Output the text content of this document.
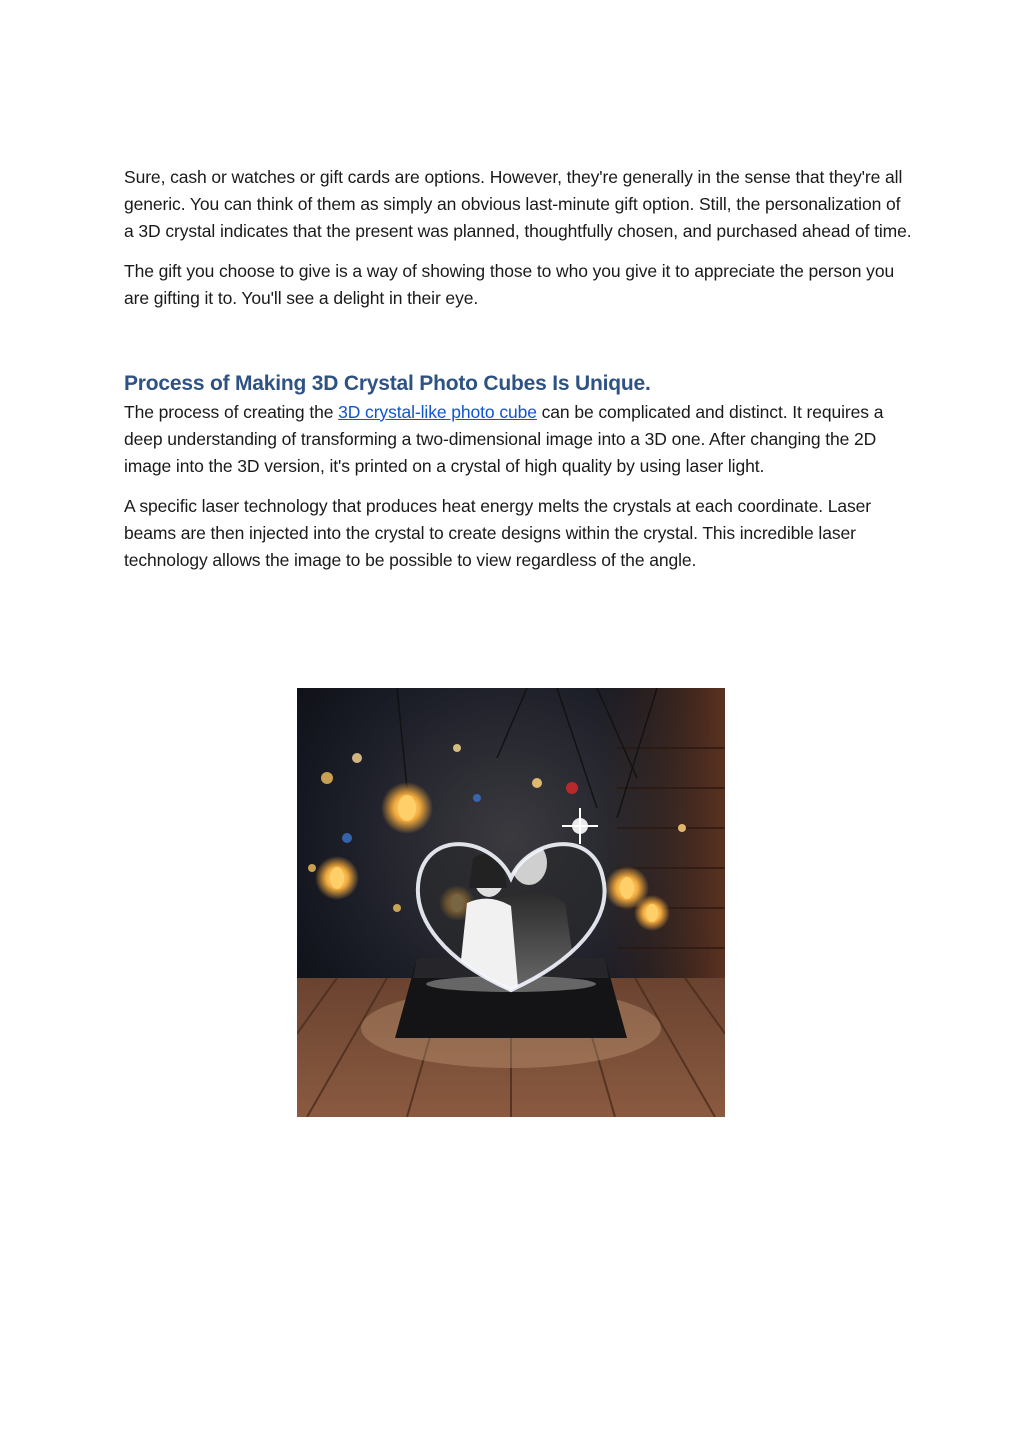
Sure, cash or watches or gift cards are options. However, they're generally in the sense that they're all generic. You can think of them as simply an obvious last-minute gift option. Still, the personalization of a 3D crystal indicates that the present was planned, thoughtfully chosen, and purchased ahead of time.

The gift you choose to give is a way of showing those to who you give it to appreciate the person you are gifting it to. You'll see a delight in their eye.

Process of Making 3D Crystal Photo Cubes Is Unique.

The process of creating the 3D crystal-like photo cube can be complicated and distinct. It requires a deep understanding of transforming a two-dimensional image into a 3D one. After changing the 2D image into the 3D version, it's printed on a crystal of high quality by using laser light.

A specific laser technology that produces heat energy melts the crystals at each coordinate. Laser beams are then injected into the crystal to create designs within the crystal. This incredible laser technology allows the image to be possible to view regardless of the angle.
